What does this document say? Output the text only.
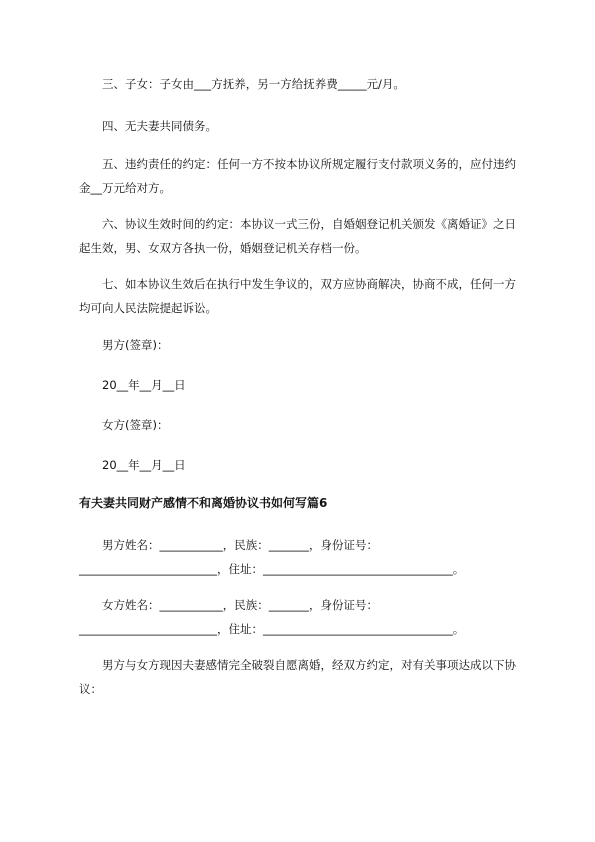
三、子女：子女由___方抚养，另一方给抚养费_____元/月。

四、无夫妻共同债务。

五、违约责任的约定：任何一方不按本协议所规定履行支付款项义务的，应付违约金__万元给对方。

六、协议生效时间的约定：本协议一式三份，自婚姻登记机关颁发《离婚证》之日起生效，男、女双方各执一份，婚姻登记机关存档一份。

七、如本协议生效后在执行中发生争议的，双方应协商解决，协商不成，任何一方均可向人民法院提起诉讼。

男方(签章)：

20__年__月__日

女方(签章)：

20__年__月__日

有夫妻共同财产感情不和离婚协议书如何写篇6

男方姓名：___________，民族：_______，身份证号：________________________，住址：_________________________________。

女方姓名：___________，民族：_______，身份证号：________________________，住址：_________________________________。

男方与女方现因夫妻感情完全破裂自愿离婚，经双方约定，对有关事项达成以下协议：
